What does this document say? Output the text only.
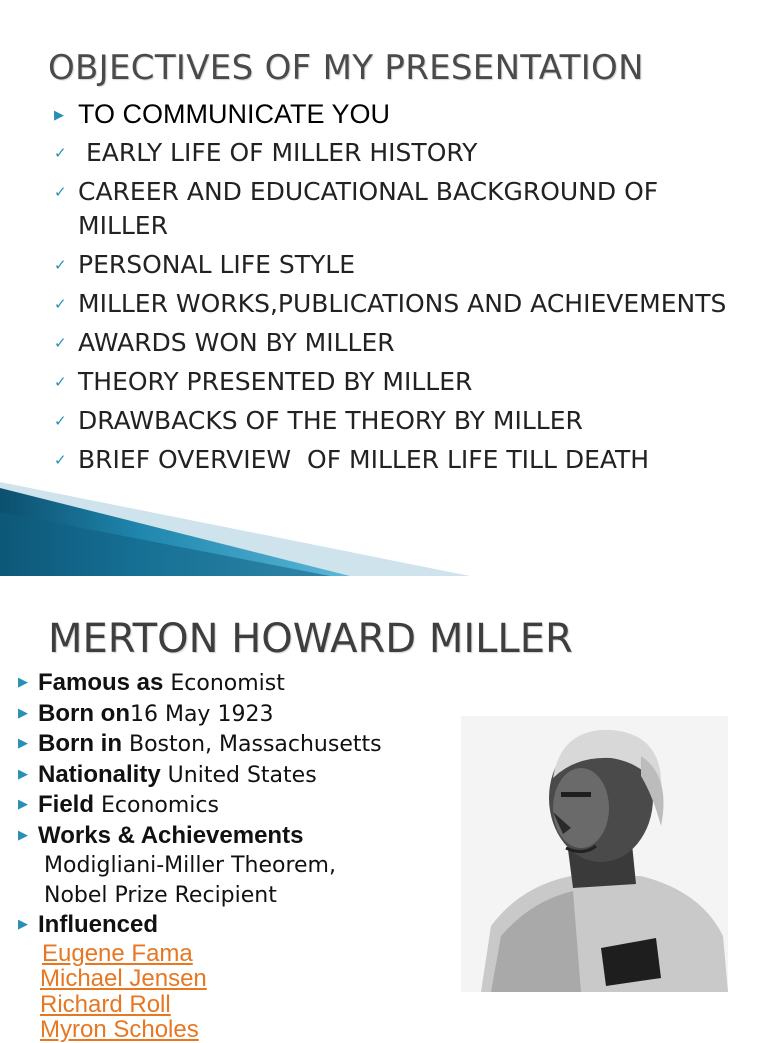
OBJECTIVES OF MY PRESENTATION
▶ TO COMMUNICATE YOU
✓ EARLY LIFE OF MILLER HISTORY
✓ CAREER AND EDUCATIONAL BACKGROUND OF MILLER
✓ PERSONAL LIFE STYLE
✓ MILLER WORKS,PUBLICATIONS AND ACHIEVEMENTS
✓ AWARDS WON BY MILLER
✓ THEORY PRESENTED BY MILLER
✓ DRAWBACKS OF THE THEORY BY MILLER
✓ BRIEF OVERVIEW  OF MILLER LIFE TILL DEATH
MERTON HOWARD MILLER
▶ Famous as Economist
▶ Born on16 May 1923
▶ Born in Boston, Massachusetts
▶ Nationality United States
▶ Field Economics
▶ Works & Achievements
Modigliani-Miller Theorem,
Nobel Prize Recipient
▶ Influenced
Eugene Fama
Michael Jensen
Richard Roll
Myron Scholes
